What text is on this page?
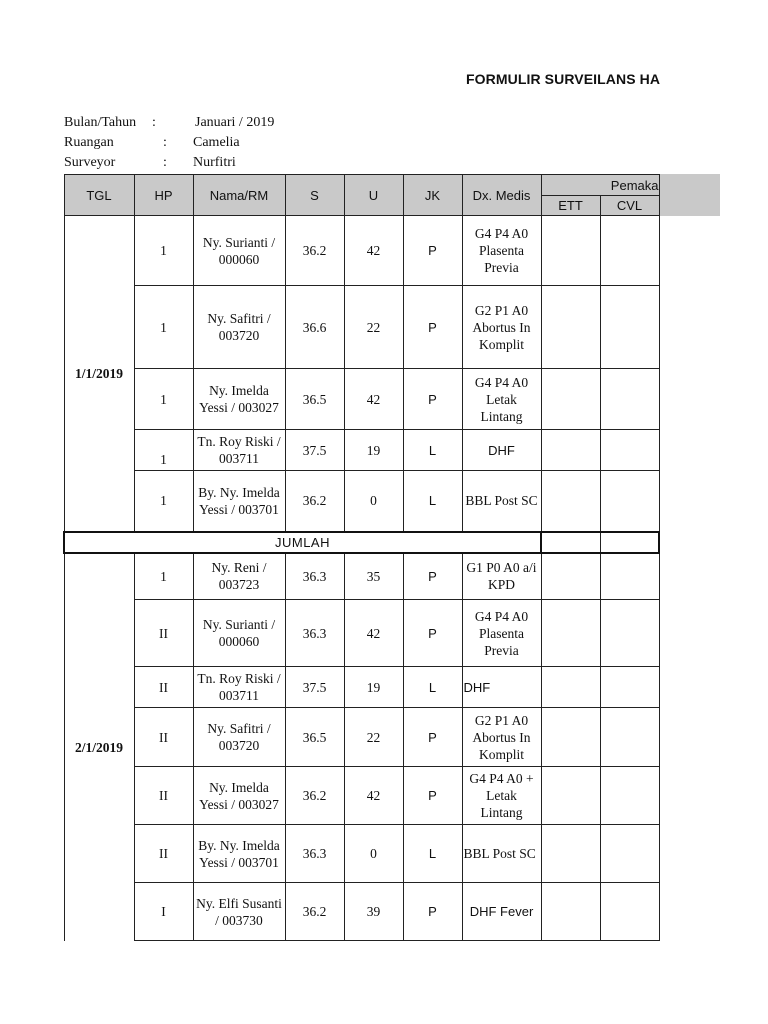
FORMULIR SURVEILANS HA
Bulan/Tahun :	Januari / 2019
Ruangan	: Camelia
Surveyor	: Nurfitri
TGL	HP	Nama/RM	S	U	JK	Dx. Medis	Pemaka	
							ETT	CVL
1/1/2019	1	Ny. Surianti / 000060	36.2	42	P	G4 P4 A0 Plasenta Previa		
	1	Ny. Safitri / 003720	36.6	22	P	G2 P1 A0 Abortus In Komplit		
	1	Ny. Imelda Yessi / 003027	36.5	42	P	G4 P4 A0 Letak Lintang		
	1	Tn. Roy Riski / 003711	37.5	19	L	DHF		
	1	By. Ny. Imelda Yessi / 003701	36.2	0	L	BBL Post SC		
JUMLAH								
2/1/2019	1	Ny. Reni / 003723	36.3	35	P	G1 P0 A0 a/i KPD		
	II	Ny. Surianti / 000060	36.3	42	P	G4 P4 A0 Plasenta Previa		
	II	Tn. Roy Riski / 003711	37.5	19	L	DHF		
	II	Ny. Safitri / 003720	36.5	22	P	G2 P1 A0 Abortus In Komplit		
	II	Ny. Imelda Yessi / 003027	36.2	42	P	G4 P4 A0 + Letak Lintang		
	II	By. Ny. Imelda Yessi / 003701	36.3	0	L	BBL Post SC		
	I	Ny. Elfi Susanti / 003730	36.2	39	P	DHF Fever		
